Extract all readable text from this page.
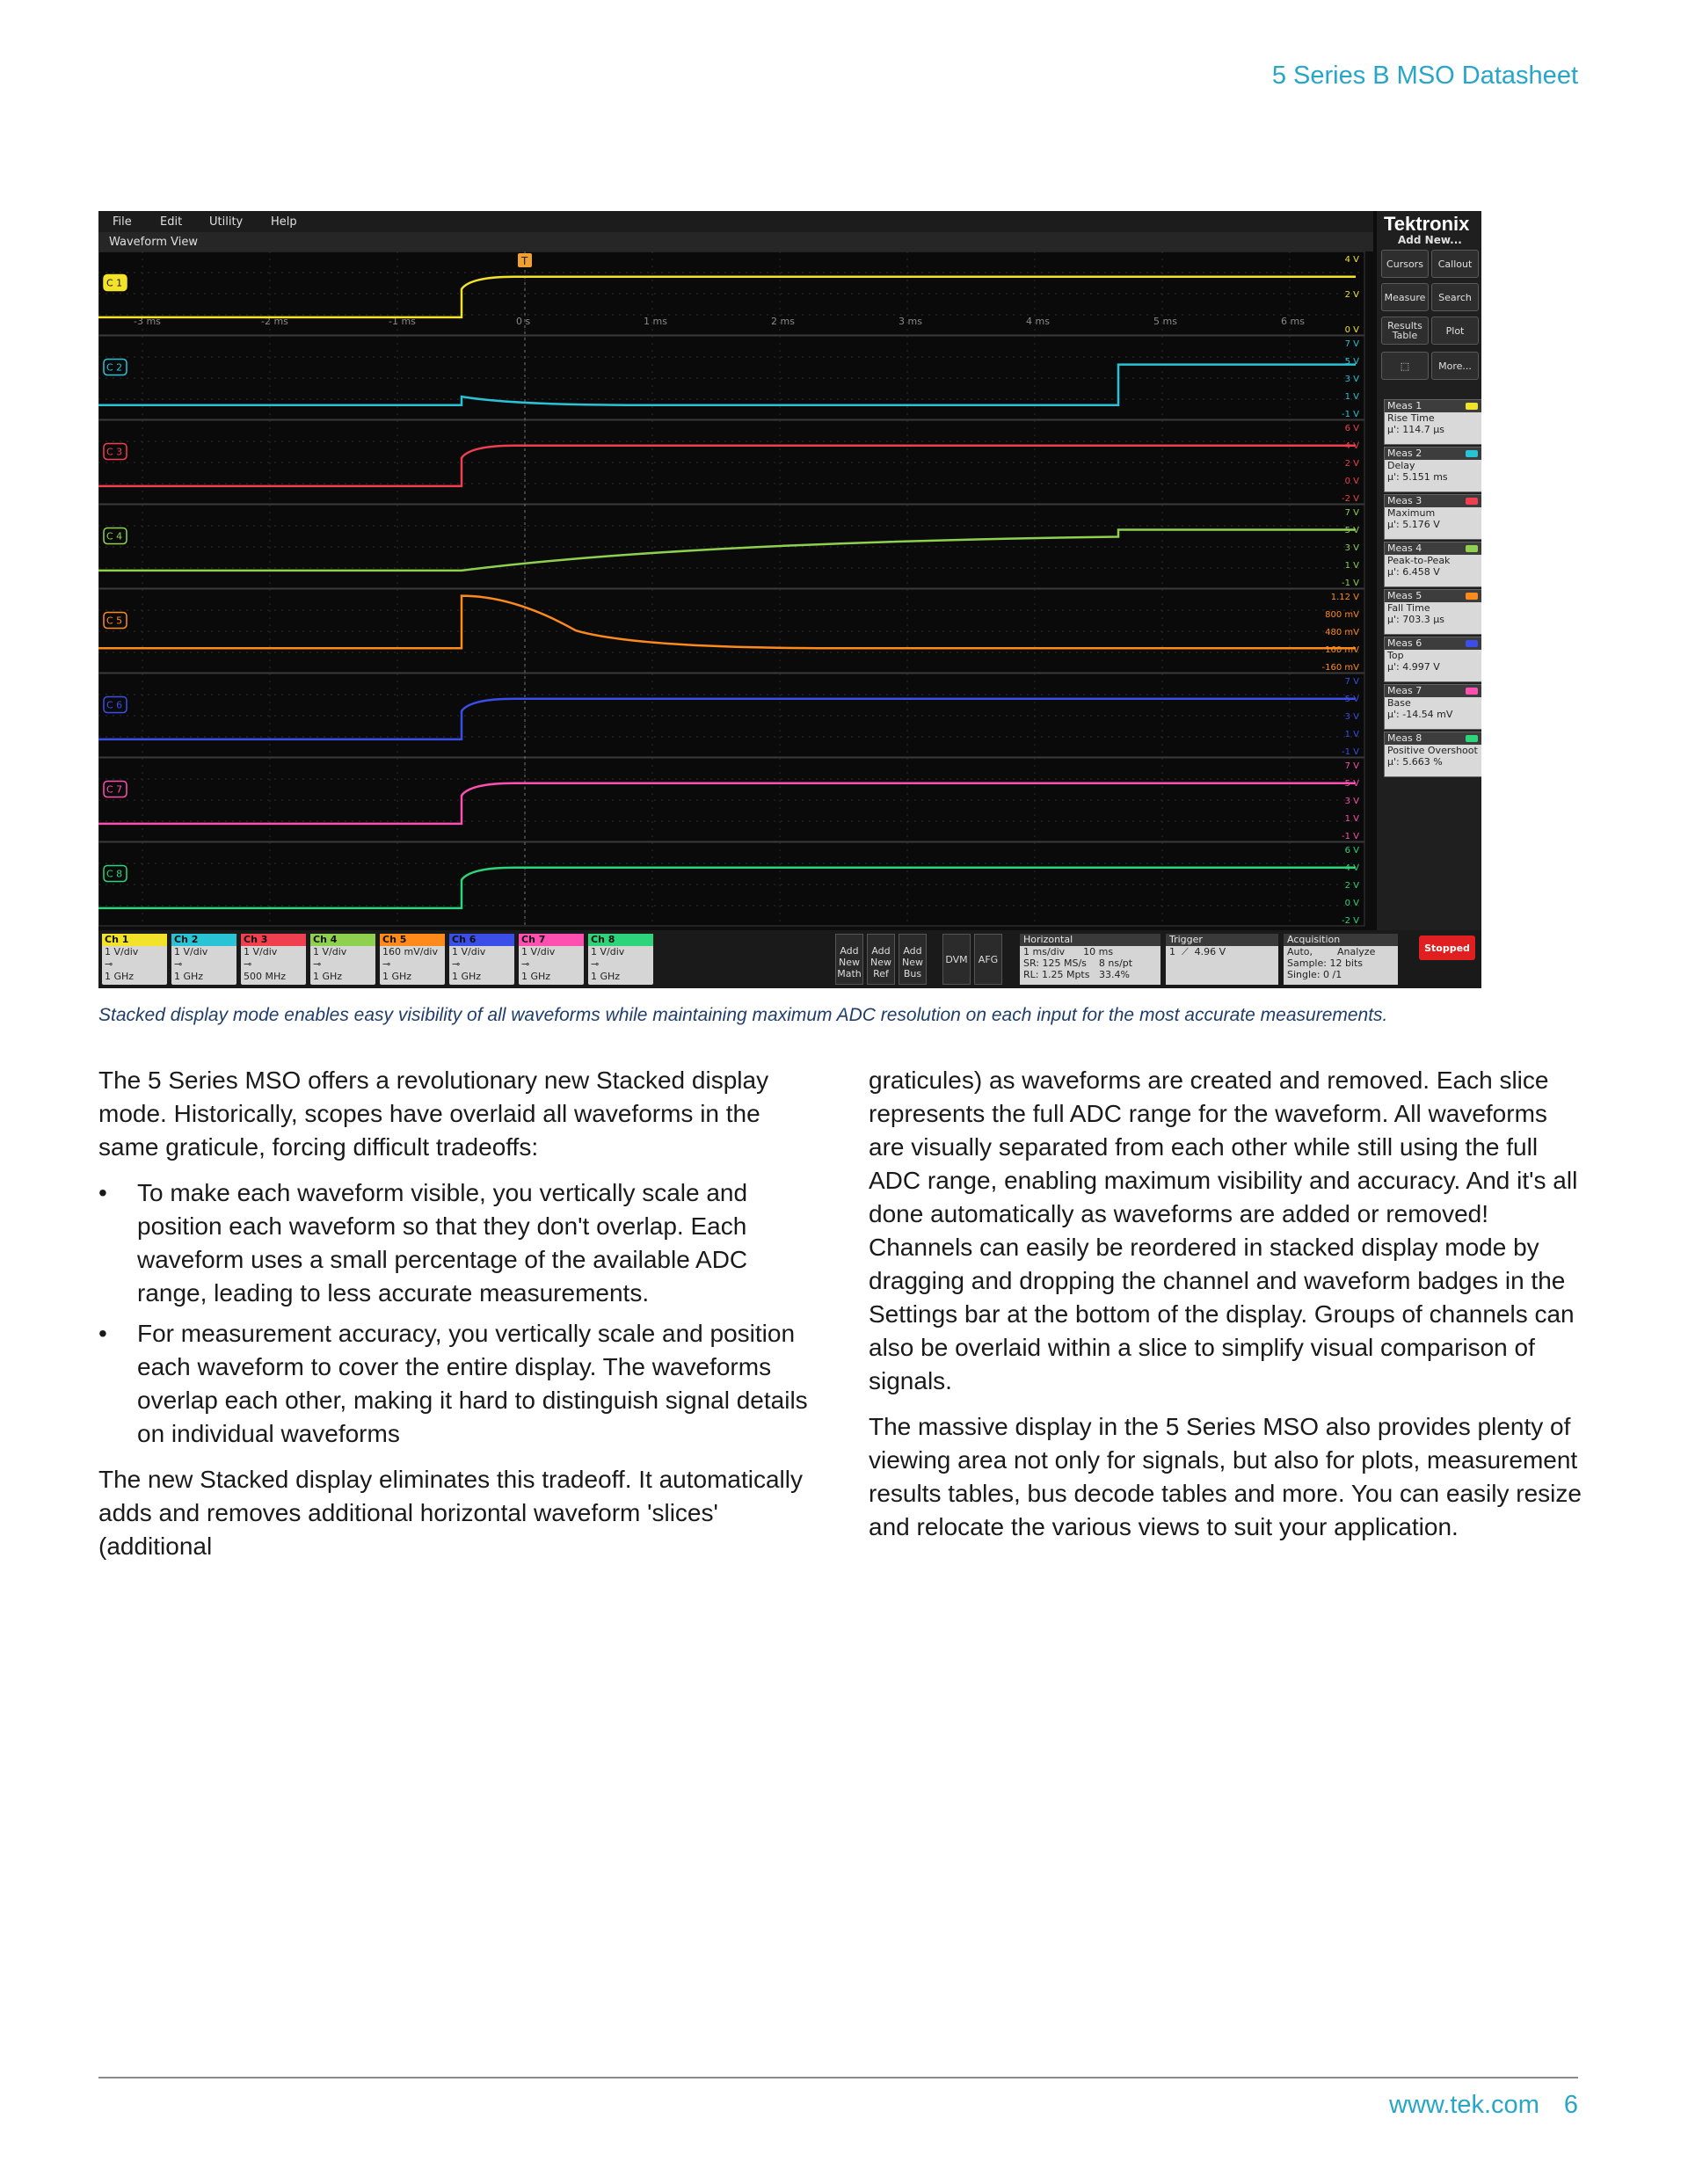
5 Series B MSO Datasheet
File Edit Utility Help
Waveform View
-3 ms	-2 ms	-1 ms	0 s	1 ms	2 ms	3 ms	4 ms	5 ms	6 ms
T
C 1
4 V
2 V
0 V
C 2
7 V
5 V
3 V
1 V
-1 V
C 3
6 V
4 V
2 V
0 V
-2 V
C 4
7 V
5 V
3 V
1 V
-1 V
C 5
1.12 V
800 mV
480 mV
160 mV
-160 mV
C 6
7 V
5 V
3 V
1 V
-1 V
C 7
7 V
5 V
3 V
1 V
-1 V
C 8
6 V
4 V
2 V
0 V
-2 V
Tektronix
Add New...
Cursors	Callout
Measure	Search
Results Table	Plot
⬚	More...
Meas 1
Rise Time
µ': 114.7 µs
Meas 2
Delay
µ': 5.151 ms
Meas 3
Maximum
µ': 5.176 V
Meas 4
Peak-to-Peak
µ': 6.458 V
Meas 5
Fall Time
µ': 703.3 µs
Meas 6
Top
µ': 4.997 V
Meas 7
Base
µ': -14.54 mV
Meas 8
Positive Overshoot
µ': 5.663 %
Ch 1
1 V/div
⊸
1 GHz
Ch 2
1 V/div
⊸
1 GHz
Ch 3
1 V/div
⊸
500 MHz
Ch 4
1 V/div
⊸
1 GHz
Ch 5
160 mV/div
⊸
1 GHz
Ch 6
1 V/div
⊸
1 GHz
Ch 7
1 V/div
⊸
1 GHz
Ch 8
1 V/div
⊸
1 GHz
Add New Math
Add New Ref
Add New Bus
DVM	AFG
Horizontal
1 ms/div      10 ms
SR: 125 MS/s    8 ns/pt
RL: 1.25 Mpts   33.4%
Trigger
1  ⟋  4.96 V
Acquisition
Auto,        Analyze
Sample: 12 bits
Single: 0 /1
Stopped
Stacked display mode enables easy visibility of all waveforms while maintaining maximum ADC resolution on each input for the most accurate measurements.

The 5 Series MSO offers a revolutionary new Stacked display mode. Historically, scopes have overlaid all waveforms in the same graticule, forcing difficult tradeoffs:

• To make each waveform visible, you vertically scale and position each waveform so that they don't overlap. Each waveform uses a small percentage of the available ADC range, leading to less accurate measurements.
• For measurement accuracy, you vertically scale and position each waveform to cover the entire display. The waveforms overlap each other, making it hard to distinguish signal details on individual waveforms

The new Stacked display eliminates this tradeoff. It automatically adds and removes additional horizontal waveform 'slices' (additional

graticules) as waveforms are created and removed. Each slice represents the full ADC range for the waveform. All waveforms are visually separated from each other while still using the full ADC range, enabling maximum visibility and accuracy. And it's all done automatically as waveforms are added or removed! Channels can easily be reordered in stacked display mode by dragging and dropping the channel and waveform badges in the Settings bar at the bottom of the display. Groups of channels can also be overlaid within a slice to simplify visual comparison of signals.

The massive display in the 5 Series MSO also provides plenty of viewing area not only for signals, but also for plots, measurement results tables, bus decode tables and more. You can easily resize and relocate the various views to suit your application.

www.tek.com 6
